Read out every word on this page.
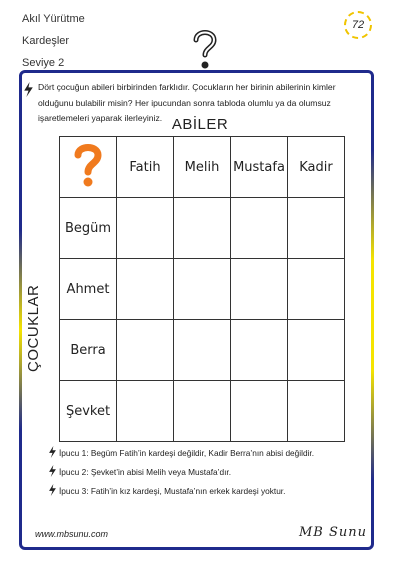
Akıl Yürütme
Kardeşler
Seviye 2
72
Dört çocuğun abileri birbirinden farklıdır. Çocukların her birinin abilerinin kimler olduğunu bulabilir misin? Her ipucundan sonra tabloda olumlu ya da olumsuz işaretlemeleri yaparak ilerleyiniz. ABİLER
ÇOCUKLAR
	Fatih	Melih	Mustafa	Kadir
Begüm				
Ahmet				
Berra				
Şevket				
İpucu 1: Begüm Fatih’in kardeşi değildir, Kadir Berra’nın abisi değildir.
İpucu 2: Şevket’in abisi Melih veya Mustafa’dır.
İpucu 3: Fatih’in kız kardeşi, Mustafa’nın erkek kardeşi yoktur.
www.mbsunu.com	MB Sunu
